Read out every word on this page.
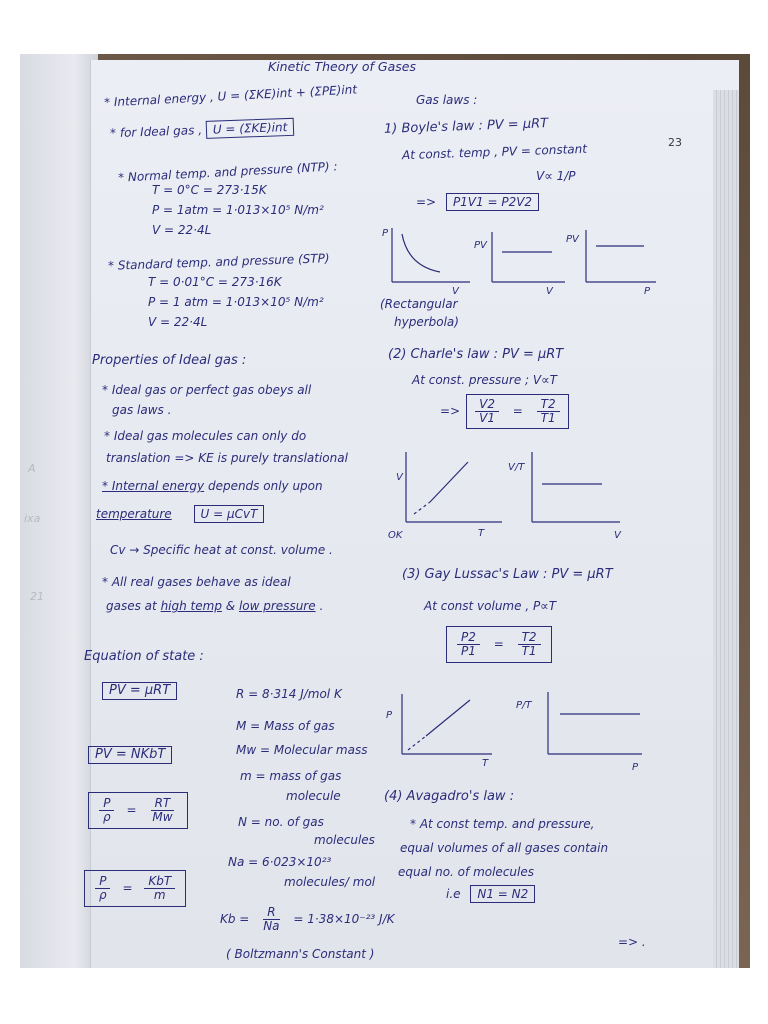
23
A
ixa
21
Kinetic Theory of Gases
* Internal energy , U = (ΣKE)int + (ΣPE)int
* for Ideal gas , U = (ΣKE)int
* Normal temp. and pressure (NTP) :
T = 0°C = 273·15K
P = 1atm = 1·013×10⁵ N/m²
V = 22·4L
* Standard temp. and pressure (STP)
T = 0·01°C = 273·16K
P = 1 atm = 1·013×10⁵ N/m²
V = 22·4L
Properties of Ideal gas :
* Ideal gas or perfect gas obeys all
gas laws .
* Ideal gas molecules can only do
translation => KE is purely translational
* Internal energy depends only upon
temperature U = μCvT
Cv → Specific heat at const. volume .
* All real gases behave as ideal
gases at high temp & low pressure .
Equation of state :
PV = μRT
PV = NKbT
$\frac{P}{\rho} = \frac{RT}{Mw}$
$\frac{P}{\rho} = \frac{\text{KbT}}{m}$
R = 8·314 J/mol K
M = Mass of gas
Mw = Molecular mass
m = mass of gas
molecule
N = no. of gas
molecules
Na = 6·023×10²³
molecules/ mol
$Kb = \frac{R}{Na} = 1\cdot 38\times 10^{-23}$ J/K
( Boltzmann's Constant )
Gas laws :
1) Boyle's law : PV = μRT
At const. temp , PV = constant
V∝ 1/P
=> P1V1 = P2V2
P
V
PV
V
PV
P
(Rectangular
hyperbola)
(2) Charle's law : PV = μRT
At const. pressure ; V∝T
=> $\frac{V2}{V1} = \frac{T2}{T1}$
V
T
OK
V/T
V
(3) Gay Lussac's Law : PV = μRT
At const volume , P∝T
$\frac{P2}{P1} = \frac{T2}{T1}$
P
T
P/T
P
(4) Avagadro's law :
* At const temp. and pressure,
equal volumes of all gases contain
equal no. of molecules
i.e N1 = N2
=> .
